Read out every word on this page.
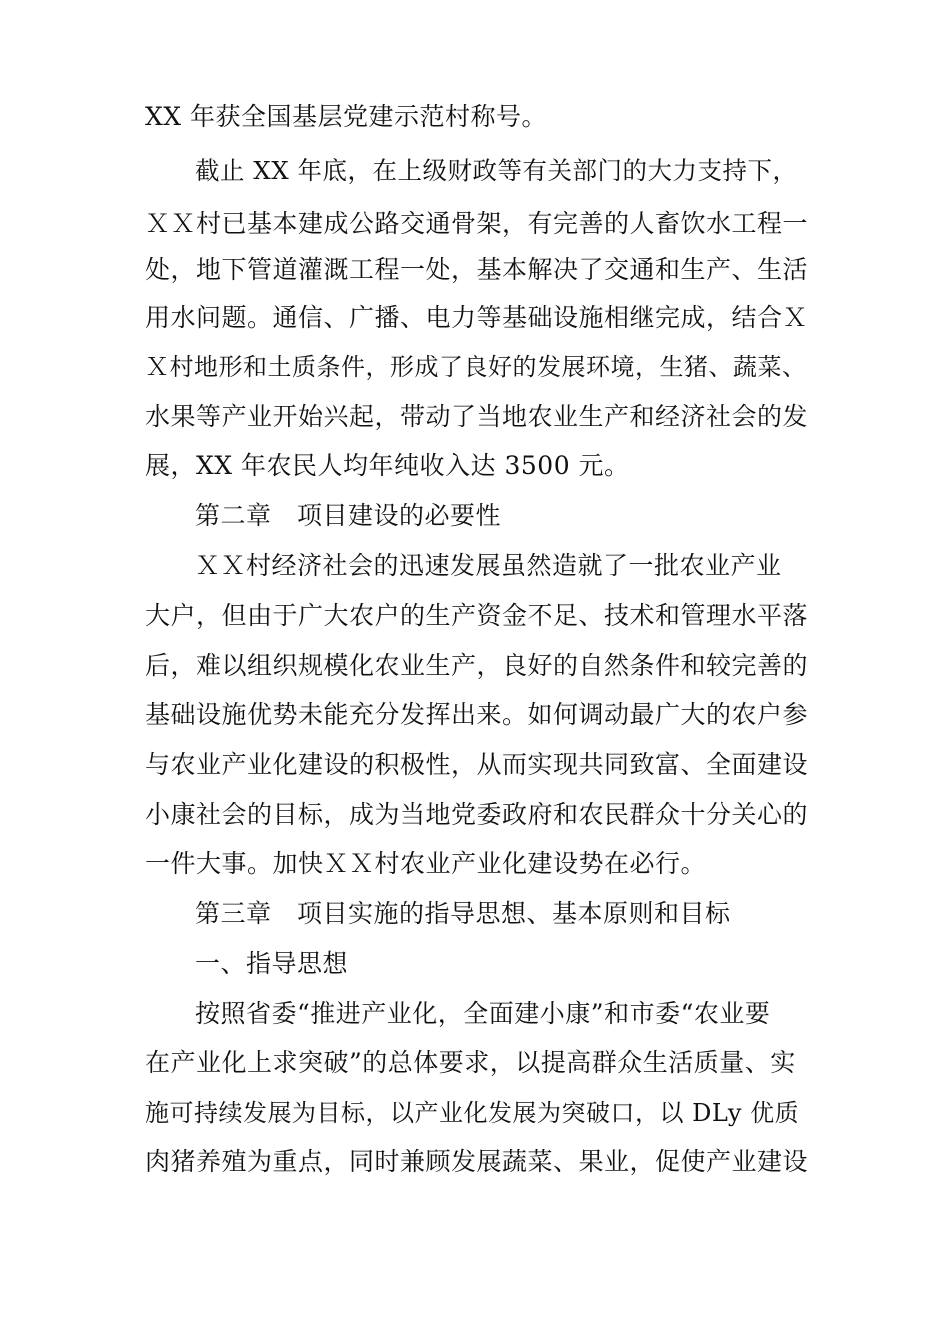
XX 年获全国基层党建示范村称号。
截止 XX 年底，在上级财政等有关部门的大力支持下，
ＸＸ村已基本建成公路交通骨架，有完善的人畜饮水工程一
处，地下管道灌溉工程一处，基本解决了交通和生产、生活
用水问题。通信、广播、电力等基础设施相继完成，结合Ｘ
Ｘ村地形和土质条件，形成了良好的发展环境，生猪、蔬菜、
水果等产业开始兴起，带动了当地农业生产和经济社会的发
展，XX 年农民人均年纯收入达 3500 元。
第二章　项目建设的必要性
ＸＸ村经济社会的迅速发展虽然造就了一批农业产业
大户，但由于广大农户的生产资金不足、技术和管理水平落
后，难以组织规模化农业生产，良好的自然条件和较完善的
基础设施优势未能充分发挥出来。如何调动最广大的农户参
与农业产业化建设的积极性，从而实现共同致富、全面建设
小康社会的目标，成为当地党委政府和农民群众十分关心的
一件大事。加快ＸＸ村农业产业化建设势在必行。
第三章　项目实施的指导思想、基本原则和目标
一、指导思想
按照省委“推进产业化，全面建小康”和市委“农业要
在产业化上求突破”的总体要求，以提高群众生活质量、实
施可持续发展为目标，以产业化发展为突破口，以 DLy 优质
肉猪养殖为重点，同时兼顾发展蔬菜、果业，促使产业建设
